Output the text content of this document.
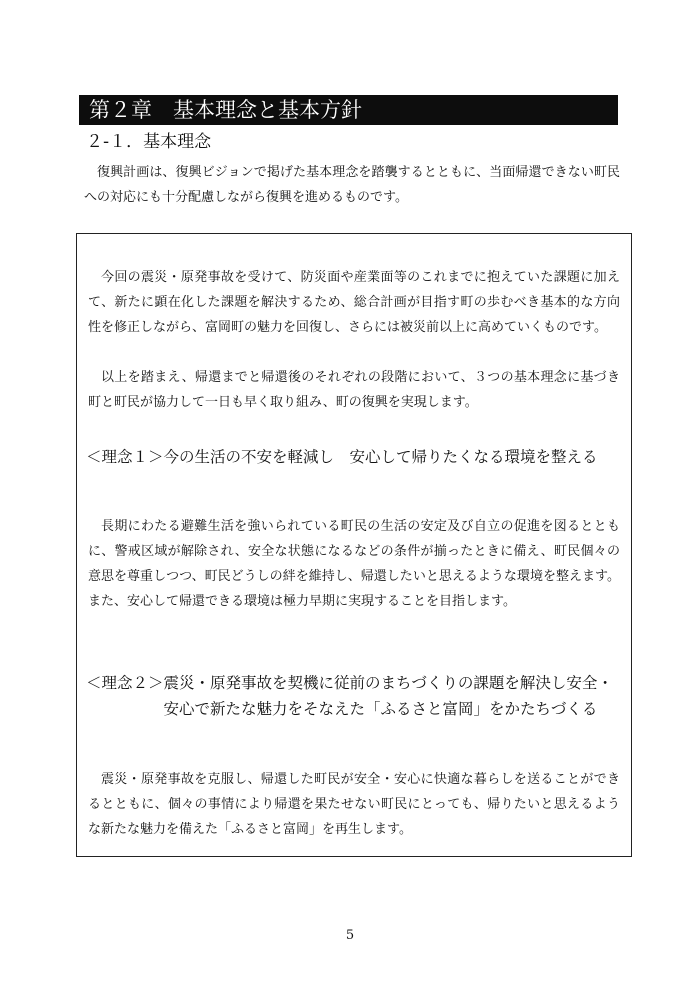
第２章　基本理念と基本方針
２-１．基本理念

復興計画は、復興ビジョンで掲げた基本理念を踏襲するとともに、当面帰還できない町民への対応にも十分配慮しながら復興を進めるものです。

今回の震災・原発事故を受けて、防災面や産業面等のこれまでに抱えていた課題に加えて、新たに顕在化した課題を解決するため、総合計画が目指す町の歩むべき基本的な方向性を修正しながら、富岡町の魅力を回復し、さらには被災前以上に高めていくものです。

以上を踏まえ、帰還までと帰還後のそれぞれの段階において、３つの基本理念に基づき町と町民が協力して一日も早く取り組み、町の復興を実現します。

＜理念１＞ 今の生活の不安を軽減し　安心して帰りたくなる環境を整える

長期にわたる避難生活を強いられている町民の生活の安定及び自立の促進を図るとともに、警戒区域が解除され、安全な状態になるなどの条件が揃ったときに備え、町民個々の意思を尊重しつつ、町民どうしの絆を維持し、帰還したいと思えるような環境を整えます。また、安心して帰還できる環境は極力早期に実現することを目指します。

＜理念２＞ 震災・原発事故を契機に従前のまちづくりの課題を解決し安全・安心で新たな魅力をそなえた「ふるさと富岡」をかたちづくる

震災・原発事故を克服し、帰還した町民が安全・安心に快適な暮らしを送ることができるとともに、個々の事情により帰還を果たせない町民にとっても、帰りたいと思えるような新たな魅力を備えた「ふるさと富岡」を再生します。

5
